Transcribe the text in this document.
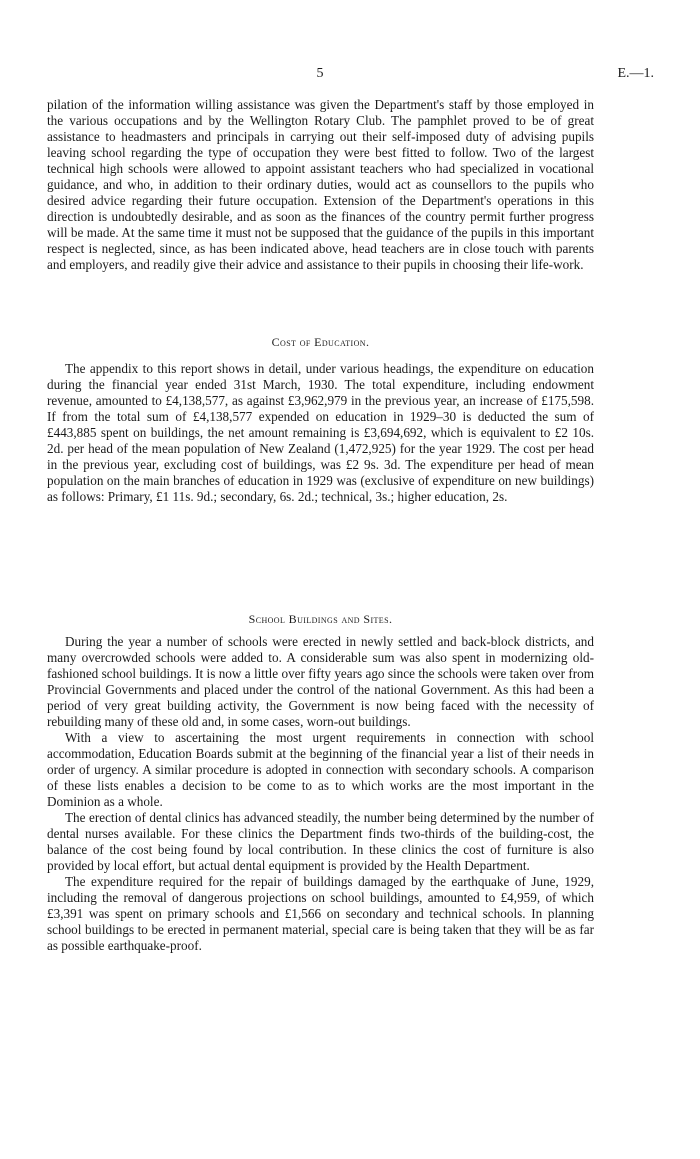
5	E.—1.

pilation of the information willing assistance was given the Department's staff by those employed in the various occupations and by the Wellington Rotary Club. The pamphlet proved to be of great assistance to headmasters and principals in carrying out their self-imposed duty of advising pupils leaving school regarding the type of occupation they were best fitted to follow. Two of the largest technical high schools were allowed to appoint assistant teachers who had specialized in vocational guidance, and who, in addition to their ordinary duties, would act as counsellors to the pupils who desired advice regarding their future occupation. Extension of the Department's operations in this direction is undoubtedly desirable, and as soon as the finances of the country permit further progress will be made. At the same time it must not be supposed that the guidance of the pupils in this important respect is neglected, since, as has been indicated above, head teachers are in close touch with parents and employers, and readily give their advice and assistance to their pupils in choosing their life-work.

Cost of Education.

The appendix to this report shows in detail, under various headings, the expenditure on education during the financial year ended 31st March, 1930. The total expenditure, including endowment revenue, amounted to £4,138,577, as against £3,962,979 in the previous year, an increase of £175,598. If from the total sum of £4,138,577 expended on education in 1929–30 is deducted the sum of £443,885 spent on buildings, the net amount remaining is £3,694,692, which is equivalent to £2 10s. 2d. per head of the mean population of New Zealand (1,472,925) for the year 1929. The cost per head in the previous year, excluding cost of buildings, was £2 9s. 3d. The expenditure per head of mean population on the main branches of education in 1929 was (exclusive of expenditure on new buildings) as follows: Primary, £1 11s. 9d.; secondary, 6s. 2d.; technical, 3s.; higher education, 2s.

School Buildings and Sites.

During the year a number of schools were erected in newly settled and back-block districts, and many overcrowded schools were added to. A considerable sum was also spent in modernizing old-fashioned school buildings. It is now a little over fifty years ago since the schools were taken over from Provincial Governments and placed under the control of the national Government. As this had been a period of very great building activity, the Government is now being faced with the necessity of rebuilding many of these old and, in some cases, worn-out buildings.

With a view to ascertaining the most urgent requirements in connection with school accommodation, Education Boards submit at the beginning of the financial year a list of their needs in order of urgency. A similar procedure is adopted in connection with secondary schools. A comparison of these lists enables a decision to be come to as to which works are the most important in the Dominion as a whole.

The erection of dental clinics has advanced steadily, the number being determined by the number of dental nurses available. For these clinics the Department finds two-thirds of the building-cost, the balance of the cost being found by local contribution. In these clinics the cost of furniture is also provided by local effort, but actual dental equipment is provided by the Health Department.

The expenditure required for the repair of buildings damaged by the earthquake of June, 1929, including the removal of dangerous projections on school buildings, amounted to £4,959, of which £3,391 was spent on primary schools and £1,566 on secondary and technical schools. In planning school buildings to be erected in permanent material, special care is being taken that they will be as far as possible earthquake-proof.
